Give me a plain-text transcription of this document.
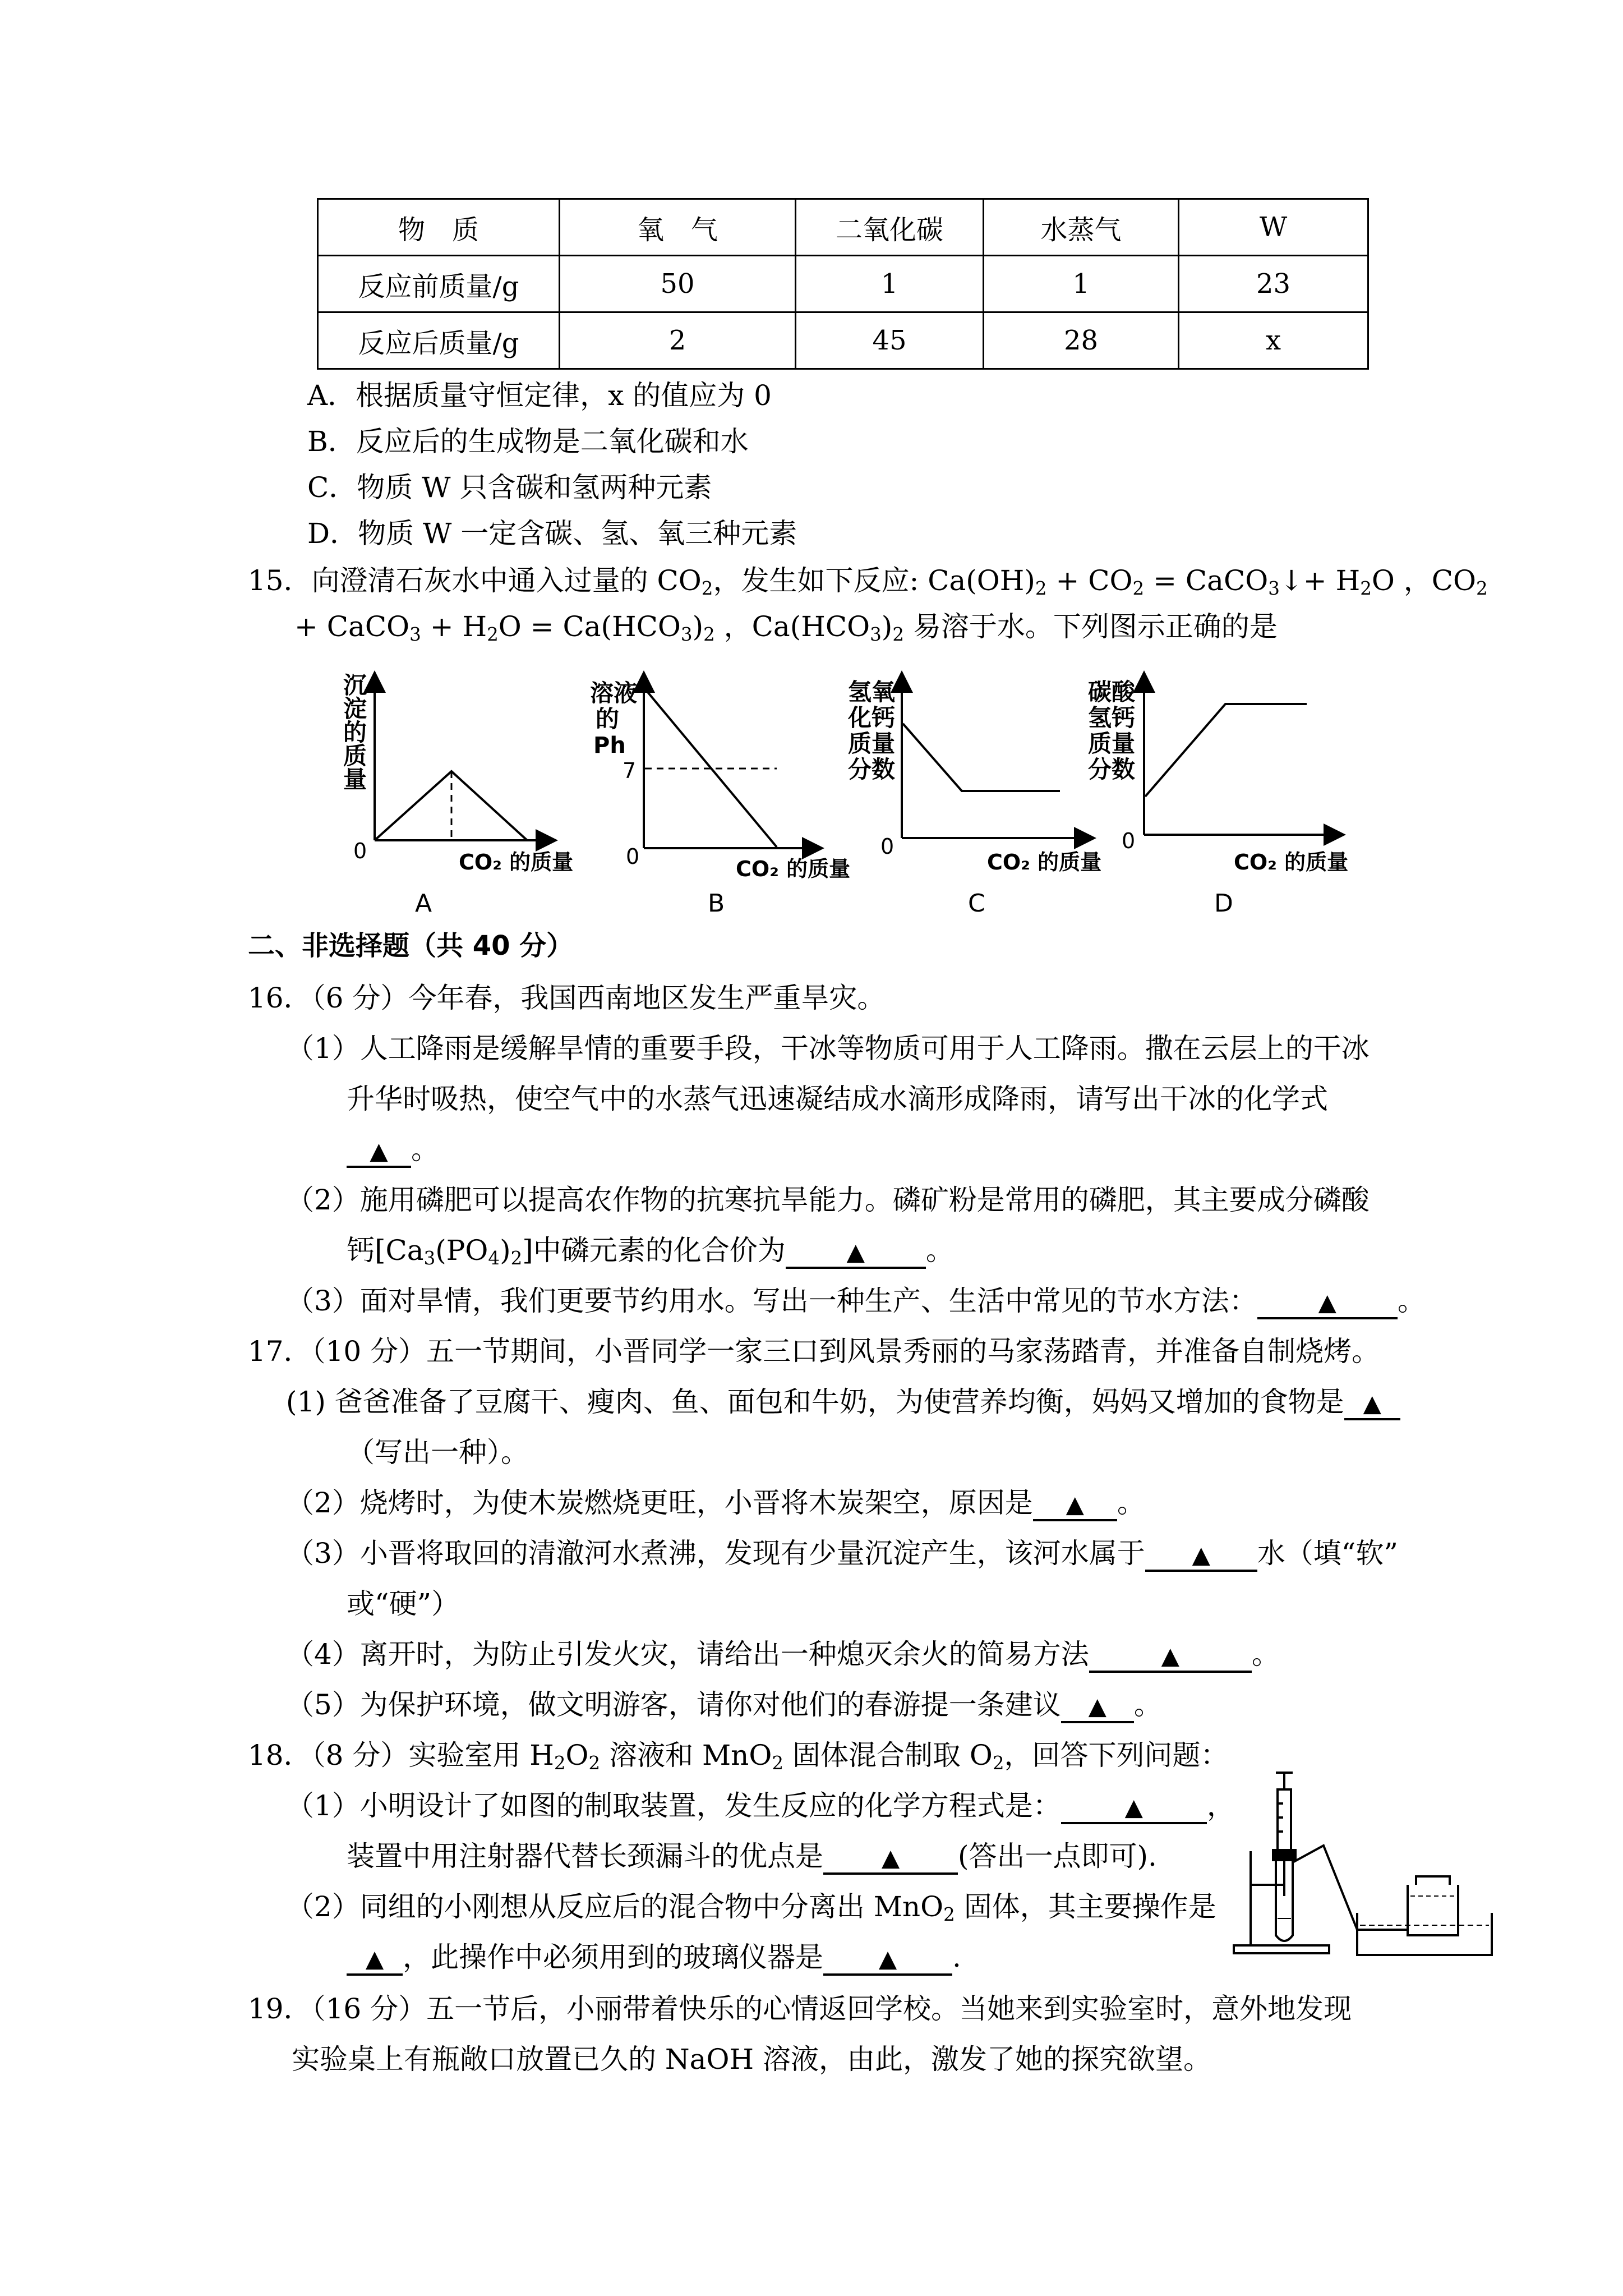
物　质	氧　气	二氧化碳	水蒸气	W
反应前质量/g	50	1	1	23
反应后质量/g	2	45	28	x
A．根据质量守恒定律，x 的值应为 0
B．反应后的生成物是二氧化碳和水
C．物质 W 只含碳和氢两种元素
D．物质 W 一定含碳、氢、氧三种元素
15．向澄清石灰水中通入过量的 $CO_2$，发生如下反应: $Ca(OH)_2 + CO_2$ = CaCO$_3$↓+ $H_2O$ ，$CO_2$
+ CaCO$_3$ + $H_2O = Ca(HCO_3)_2$ ，$Ca(HCO_3)_2$ 易溶于水。下列图示正确的是
沉
淀
的
质
量
0	CO₂ 的质量
A
溶液
的
Ph
7
0	CO₂ 的质量
B
氢氧
化钙
质量
分数
0
CO₂ 的质量
C
碳酸
氢钙
质量
分数
0
CO₂ 的质量
D
二、非选择题（共 40 分）
16．（6 分）今年春，我国西南地区发生严重旱灾。
（1）人工降雨是缓解旱情的重要手段，干冰等物质可用于人工降雨。撒在云层上的干冰
升华时吸热，使空气中的水蒸气迅速凝结成水滴形成降雨，请写出干冰的化学式
▲ 。
（2）施用磷肥可以提高农作物的抗寒抗旱能力。磷矿粉是常用的磷肥，其主要成分磷酸
钙$[Ca_3(PO_4)_2]$中磷元素的化合价为	▲ 。
（3）面对旱情，我们更要节约用水。写出一种生产、生活中常见的节水方法：	▲ 。
17．（10 分）五一节期间，小晋同学一家三口到风景秀丽的马家荡踏青，并准备自制烧烤。
(1) 爸爸准备了豆腐干、瘦肉、鱼、面包和牛奶，为使营养均衡，妈妈又增加的食物是 ▲
（写出一种）。
（2）烧烤时，为使木炭燃烧更旺，小晋将木炭架空，原因是 ▲ 。
（3）小晋将取回的清澈河水煮沸，发现有少量沉淀产生，该河水属于 ▲ 水（填“软”
或“硬”）
（4）离开时，为防止引发火灾，请给出一种熄灭余火的简易方法	▲	。
（5）为保护环境，做文明游客，请你对他们的春游提一条建议 ▲ 。
18．（8 分）实验室用 $H_2O_2$ 溶液和 MnO$_2$ 固体混合制取 $O_2$，回答下列问题：
（1）小明设计了如图的制取装置，发生反应的化学方程式是：	▲ ，
装置中用注射器代替长颈漏斗的优点是 ▲ (答出一点即可).
（2）同组的小刚想从反应后的混合物中分离出 MnO$_2$ 固体，其主要操作是
▲ ，此操作中必须用到的玻璃仪器是 ▲ .
19．（16 分）五一节后，小丽带着快乐的心情返回学校。当她来到实验室时，意外地发现
实验桌上有瓶敞口放置已久的 NaOH 溶液，由此，激发了她的探究欲望。
